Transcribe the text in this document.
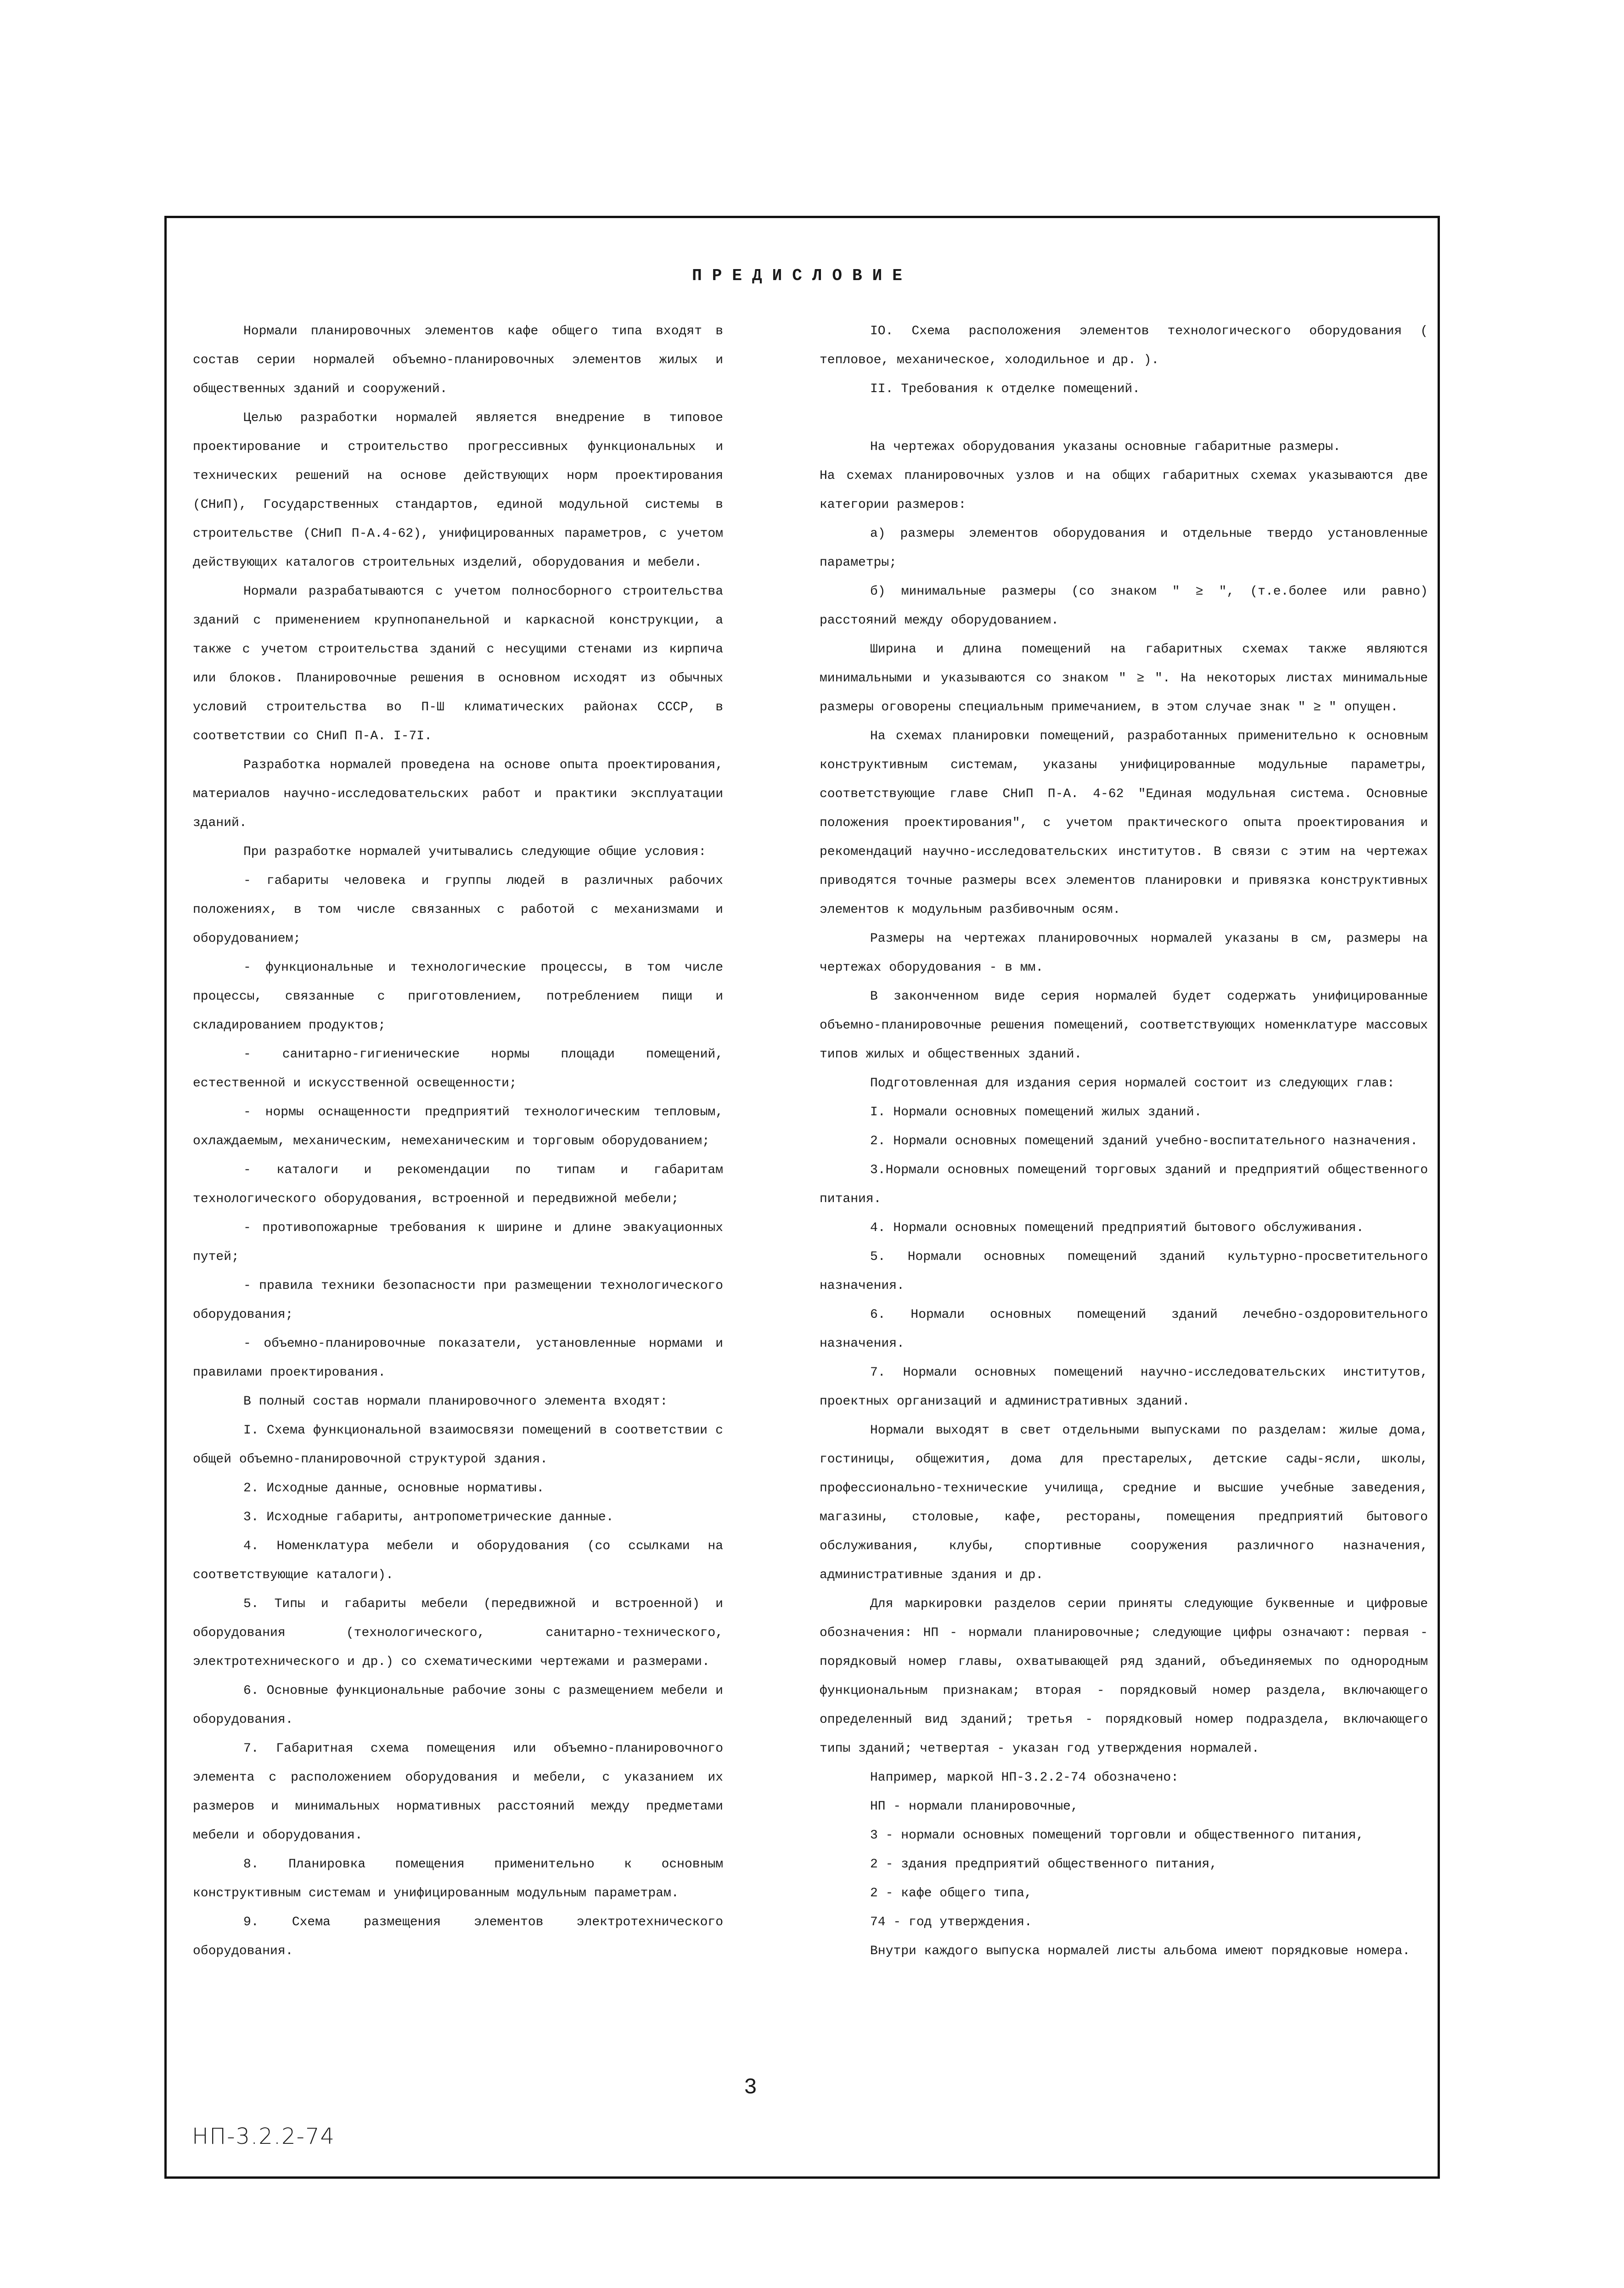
ПРЕДИСЛОВИЕ

Нормали планировочных элементов кафе общего типа входят в состав серии нормалей объемно-планировочных элементов жилых и общественных зданий и сооружений.

Целью разработки нормалей является внедрение в типовое проектирование и строительство прогрессивных функциональных и технических решений на основе действующих норм проектирования (СНиП), Государственных стандартов, единой модульной системы в строительстве (СНиП П-А.4-62), унифицированных параметров, с учетом действующих каталогов строительных изделий, оборудования и мебели.

Нормали разрабатываются с учетом полносборного строительства зданий с применением крупнопанельной и каркасной конструкции, а также с учетом строительства зданий с несущими стенами из кирпича или блоков. Планировочные решения в основном исходят из обычных условий строительства во П-Ш климатических районах СССР, в соответствии со СНиП П-А. I-7I.

Разработка нормалей проведена на основе опыта проектирования, материалов научно-исследовательских работ и практики эксплуатации зданий.

При разработке нормалей учитывались следующие общие условия:

- габариты человека и группы людей в различных рабочих положениях, в том числе связанных с работой с механизмами и оборудованием;

- функциональные и технологические процессы, в том числе процессы, связанные с приготовлением, потреблением пищи и складированием продуктов;

- санитарно-гигиенические нормы площади помещений, естественной и искусственной освещенности;

- нормы оснащенности предприятий технологическим тепловым, охлаждаемым, механическим, немеханическим и торговым оборудованием;

- каталоги и рекомендации по типам и габаритам технологического оборудования, встроенной и передвижной мебели;

- противопожарные требования к ширине и длине эвакуационных путей;

- правила техники безопасности при размещении технологического оборудования;

- объемно-планировочные показатели, установленные нормами и правилами проектирования.

В полный состав нормали планировочного элемента входят:

I. Схема функциональной взаимосвязи помещений в соответствии с общей объемно-планировочной структурой здания.

2. Исходные данные, основные нормативы.

3. Исходные габариты, антропометрические данные.

4. Номенклатура мебели и оборудования (со ссылками на соответствующие каталоги).

5. Типы и габариты мебели (передвижной и встроенной) и оборудования (технологического, санитарно-технического, электротехнического и др.) со схематическими чертежами и размерами.

6. Основные функциональные рабочие зоны с размещением мебели и оборудования.

7. Габаритная схема помещения или объемно-планировочного элемента с расположением оборудования и мебели, с указанием их размеров и минимальных нормативных расстояний между предметами мебели и оборудования.

8. Планировка помещения применительно к основным конструктивным системам и унифицированным модульным параметрам.

9. Схема размещения элементов электротехнического оборудования.

IO. Схема расположения элементов технологического оборудования ( тепловое, механическое, холодильное и др. ).

II. Требования к отделке помещений.

На чертежах оборудования указаны основные габаритные размеры.

На схемах планировочных узлов и на общих габаритных схемах указываются две категории размеров:

а) размеры элементов оборудования и отдельные твердо установленные параметры;

б) минимальные размеры (со знаком " ≥ ", (т.е.более или равно) расстояний между оборудованием.

Ширина и длина помещений на габаритных схемах также являются минимальными и указываются со знаком " ≥ ". На некоторых листах минимальные размеры оговорены специальным примечанием, в этом случае знак " ≥ " опущен.

На схемах планировки помещений, разработанных применительно к основным конструктивным системам, указаны унифицированные модульные параметры, соответствующие главе СНиП П-А. 4-62 "Единая модульная система. Основные положения проектирования", с учетом практического опыта проектирования и рекомендаций научно-исследовательских институтов. В связи с этим на чертежах приводятся точные размеры всех элементов планировки и привязка конструктивных элементов к модульным разбивочным осям.

Размеры на чертежах планировочных нормалей указаны в см, размеры на чертежах оборудования - в мм.

В законченном виде серия нормалей будет содержать унифицированные объемно-планировочные решения помещений, соответствующих номенклатуре массовых типов жилых и общественных зданий.

Подготовленная для издания серия нормалей состоит из следующих глав:

I. Нормали основных помещений жилых зданий.

2. Нормали основных помещений зданий учебно-воспитательного назначения.

3.Нормали основных помещений торговых зданий и предприятий общественного питания.

4. Нормали основных помещений предприятий бытового обслуживания.

5. Нормали основных помещений зданий культурно-просветительного назначения.

6. Нормали основных помещений зданий лечебно-оздоровительного назначения.

7. Нормали основных помещений научно-исследовательских институтов, проектных организаций и административных зданий.

Нормали выходят в свет отдельными выпусками по разделам: жилые дома, гостиницы, общежития, дома для престарелых, детские сады-ясли, школы, профессионально-технические училища, средние и высшие учебные заведения, магазины, столовые, кафе, рестораны, помещения предприятий бытового обслуживания, клубы, спортивные сооружения различного назначения, административные здания и др.

Для маркировки разделов серии приняты следующие буквенные и цифровые обозначения: НП - нормали планировочные; следующие цифры означают: первая - порядковый номер главы, охватывающей ряд зданий, объединяемых по однородным функциональным признакам; вторая - порядковый номер раздела, включающего определенный вид зданий; третья - порядковый номер подраздела, включающего типы зданий; четвертая - указан год утверждения нормалей.

Например, маркой НП-3.2.2-74 обозначено:

НП - нормали планировочные,

3 - нормали основных помещений торговли и общественного питания,

2 - здания предприятий общественного питания,

2 - кафе общего типа,

74 - год утверждения.

Внутри каждого выпуска нормалей листы альбома имеют порядковые номера.

3
НП-3.2.2-74
